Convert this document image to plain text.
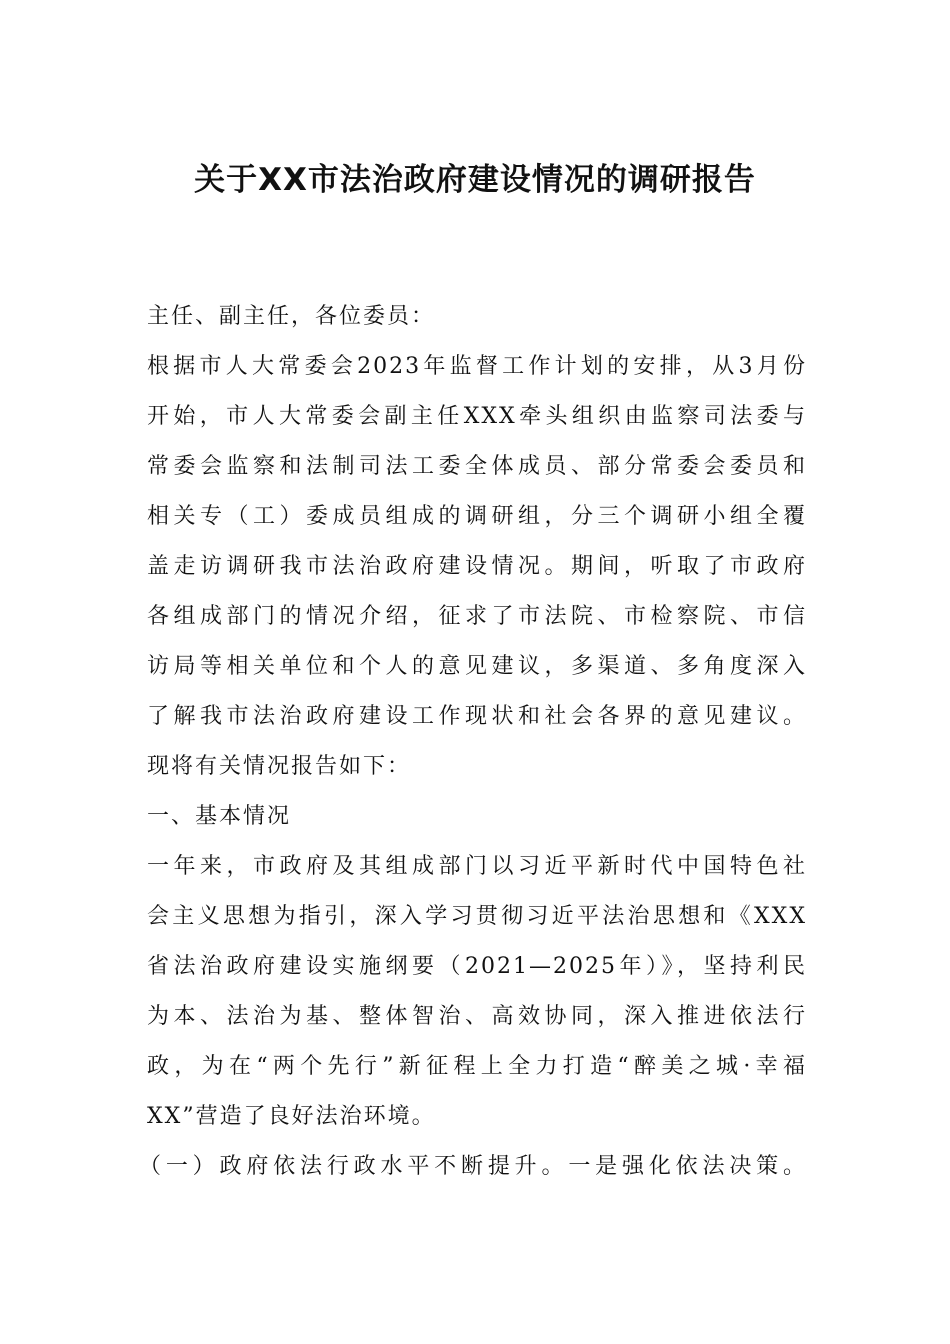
关于XX市法治政府建设情况的调研报告
主任、副主任，各位委员：
根据市人大常委会2023年监督工作计划的安排，从3月份
开始，市人大常委会副主任XXX牵头组织由监察司法委与
常委会监察和法制司法工委全体成员、部分常委会委员和
相关专（工）委成员组成的调研组，分三个调研小组全覆
盖走访调研我市法治政府建设情况。期间，听取了市政府
各组成部门的情况介绍，征求了市法院、市检察院、市信
访局等相关单位和个人的意见建议，多渠道、多角度深入
了解我市法治政府建设工作现状和社会各界的意见建议。
现将有关情况报告如下：
一、基本情况
一年来，市政府及其组成部门以习近平新时代中国特色社
会主义思想为指引，深入学习贯彻习近平法治思想和《XXX
省法治政府建设实施纲要（2021—2025年）》，坚持利民
为本、法治为基、整体智治、高效协同，深入推进依法行
政，为在“两个先行”新征程上全力打造“醉美之城·幸福
XX”营造了良好法治环境。
（一）政府依法行政水平不断提升。一是强化依法决策。
